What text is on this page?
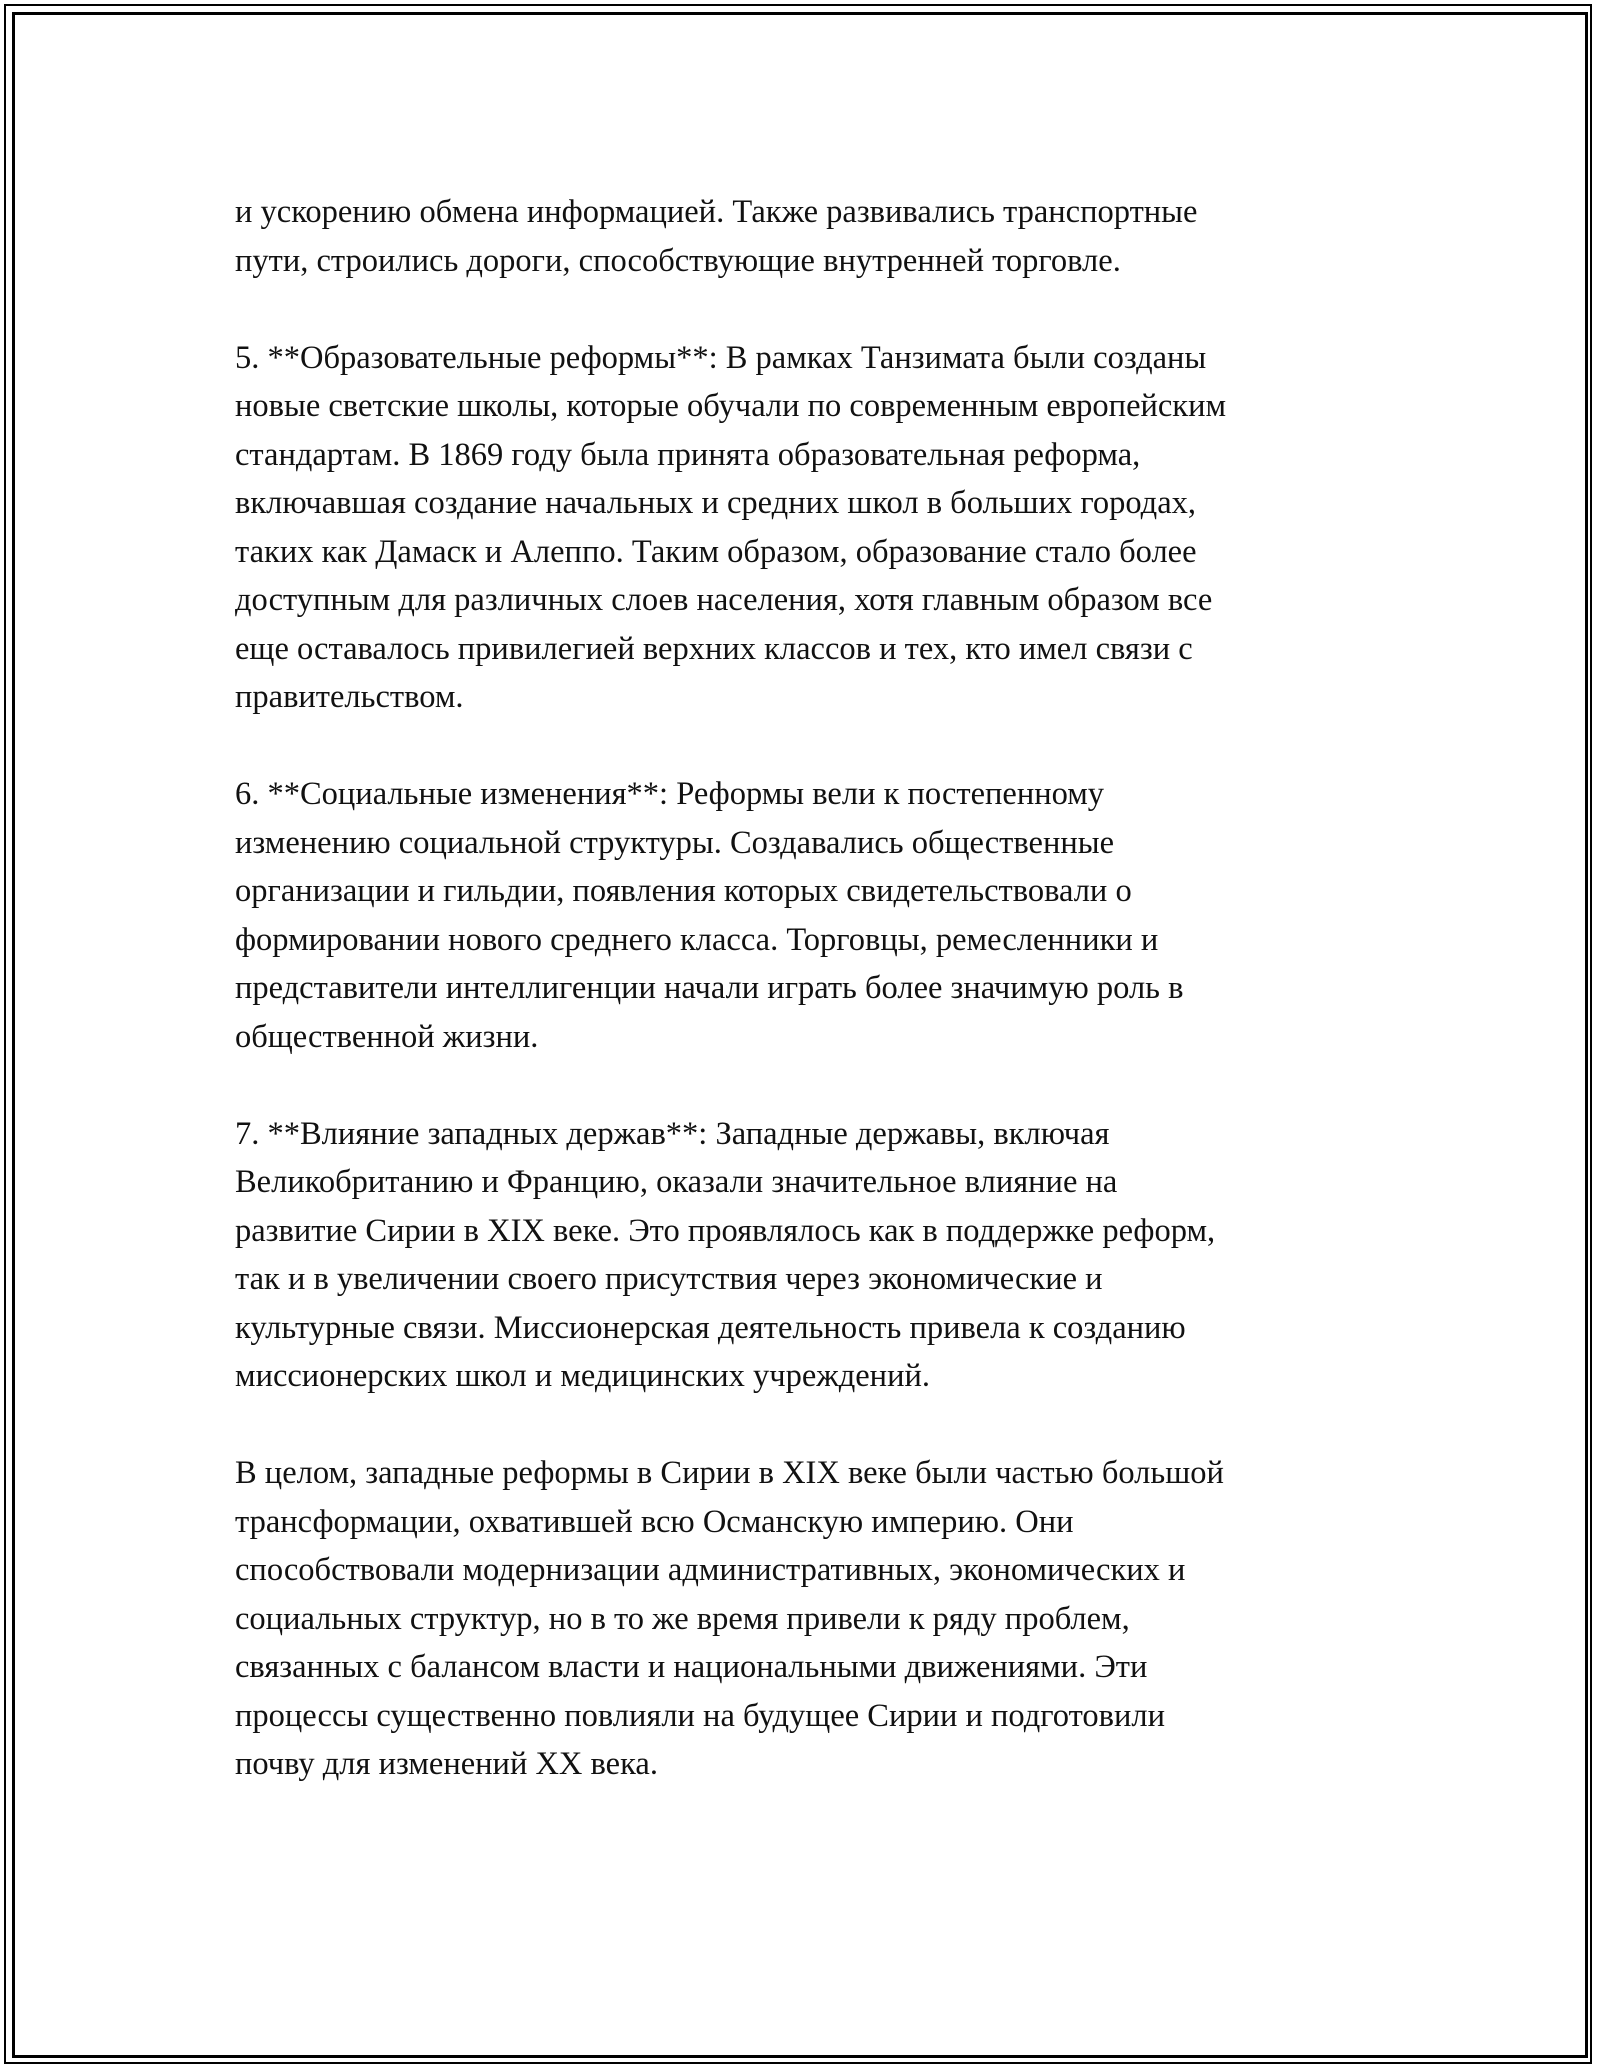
и ускорению обмена информацией. Также развивались транспортные
пути, строились дороги, способствующие внутренней торговле.

5. **Образовательные реформы**: В рамках Танзимата были созданы
новые светские школы, которые обучали по современным европейским
стандартам. В 1869 году была принята образовательная реформа,
включавшая создание начальных и средних школ в больших городах,
таких как Дамаск и Алеппо. Таким образом, образование стало более
доступным для различных слоев населения, хотя главным образом все
еще оставалось привилегией верхних классов и тех, кто имел связи с
правительством.

6. **Социальные изменения**: Реформы вели к постепенному
изменению социальной структуры. Создавались общественные
организации и гильдии, появления которых свидетельствовали о
формировании нового среднего класса. Торговцы, ремесленники и
представители интеллигенции начали играть более значимую роль в
общественной жизни.

7. **Влияние западных держав**: Западные державы, включая
Великобританию и Францию, оказали значительное влияние на
развитие Сирии в XIX веке. Это проявлялось как в поддержке реформ,
так и в увеличении своего присутствия через экономические и
культурные связи. Миссионерская деятельность привела к созданию
миссионерских школ и медицинских учреждений.

В целом, западные реформы в Сирии в XIX веке были частью большой
трансформации, охватившей всю Османскую империю. Они
способствовали модернизации административных, экономических и
социальных структур, но в то же время привели к ряду проблем,
связанных с балансом власти и национальными движениями. Эти
процессы существенно повлияли на будущее Сирии и подготовили
почву для изменений XX века.
